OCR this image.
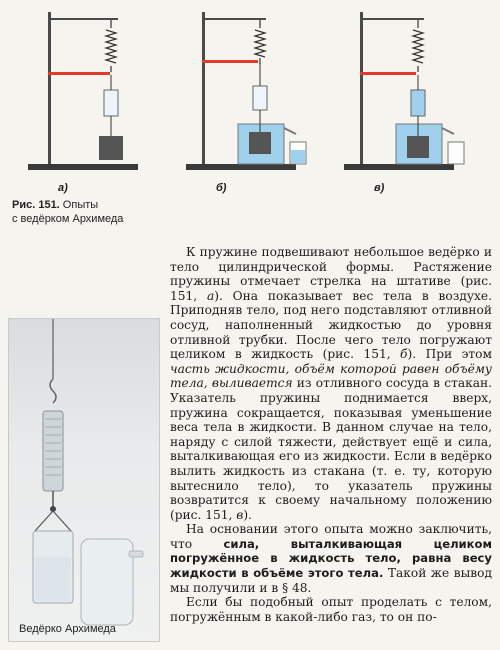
а)	б)	в)
Рис. 151. Опыты
с ведёрком Архимеда
Ведёрко Архимеда

К пружине подвешивают небольшое ведёрко и тело цилиндрической формы. Растяжение пружины отмечает стрелка на штативе (рис. 151, а). Она показывает вес тела в воздухе. Приподняв тело, под него подставляют отливной сосуд, наполненный жидкостью до уровня отливной трубки. После чего тело погружают целиком в жидкость (рис. 151, б). При этом часть жидкости, объём которой равен объёму тела, выливается из отливного сосуда в стакан. Указатель пружины поднимается вверх, пружина сокращается, показывая уменьшение веса тела в жидкости. В данном случае на тело, наряду с силой тяжести, действует ещё и сила, выталкивающая его из жидкости. Если в ведёрко вылить жидкость из стакана (т. е. ту, которую вытеснило тело), то указатель пружины возвратится к своему начальному положению (рис. 151, в).

На основании этого опыта можно заключить, что сила, выталкивающая целиком погружённое в жидкость тело, равна весу жидкости в объёме этого тела. Такой же вывод мы получили и в § 48.

Если бы подобный опыт проделать с телом, погружённым в какой-либо газ, то он по-
